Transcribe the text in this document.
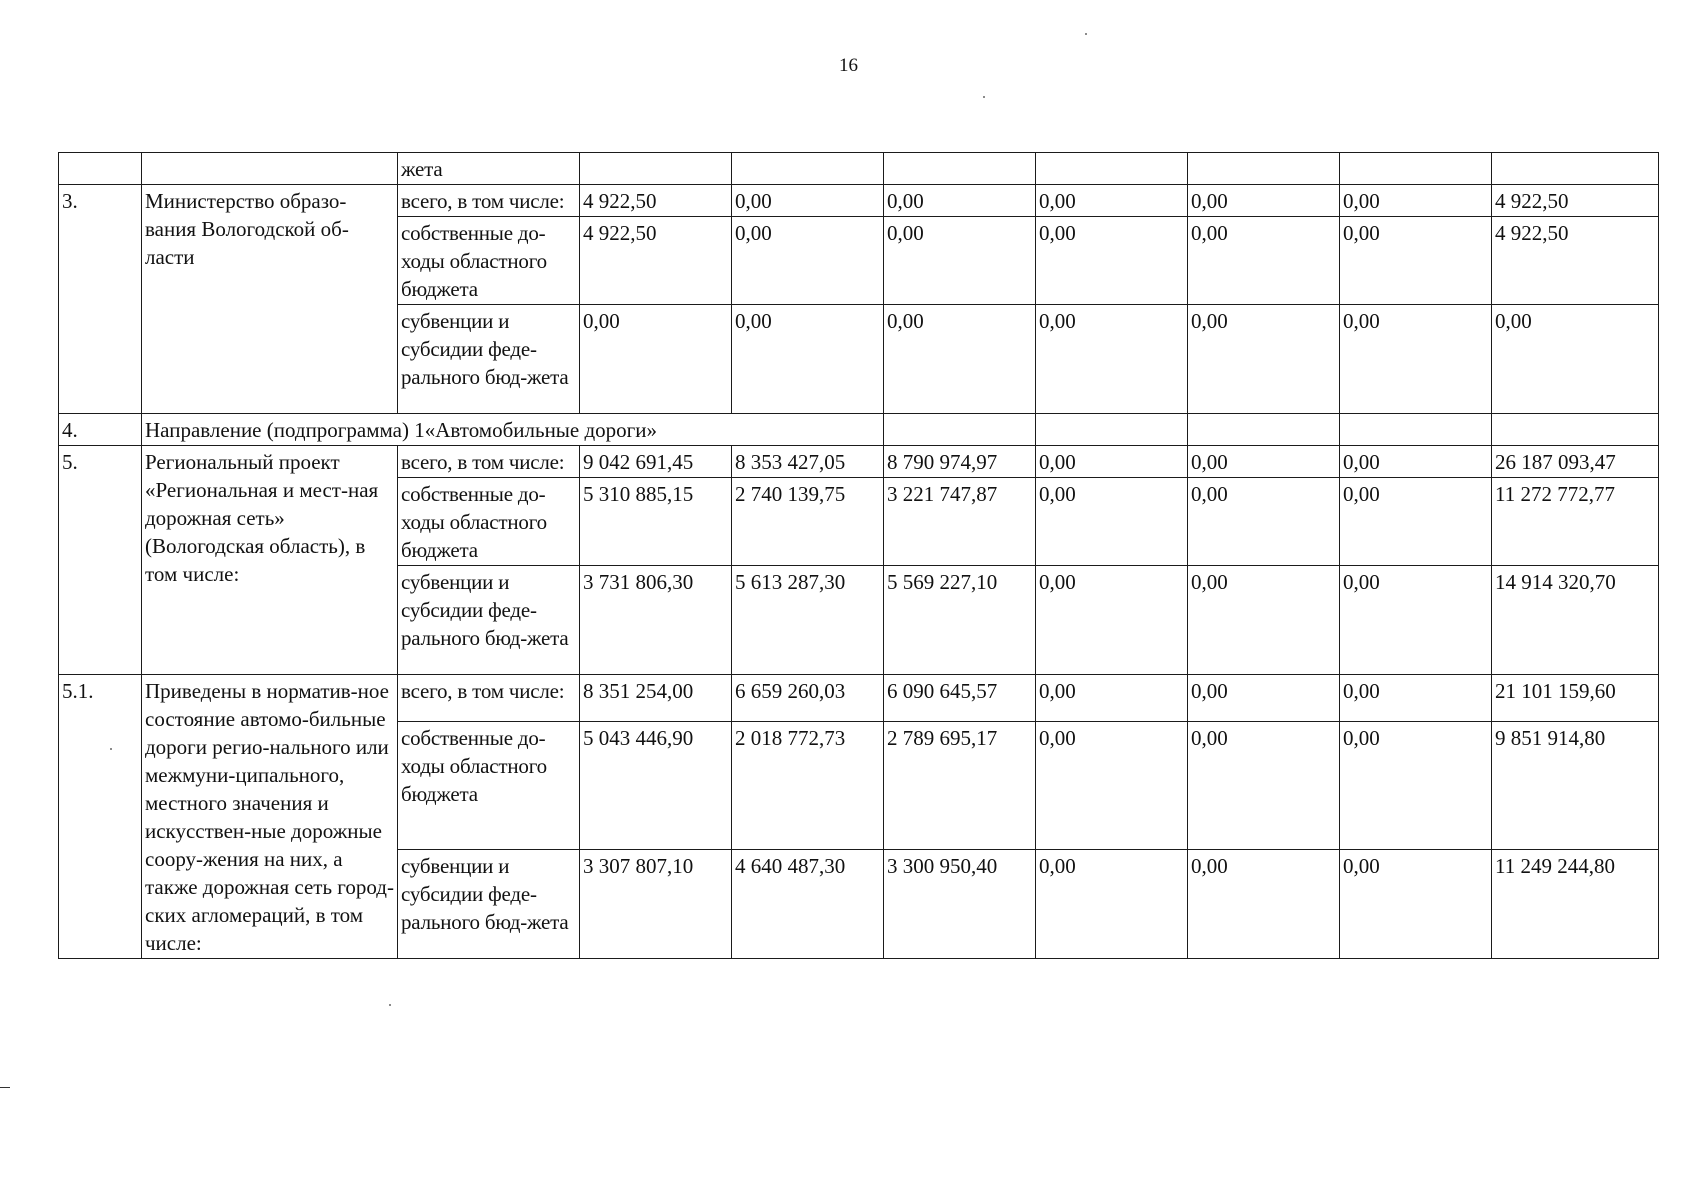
16
		жета							
3.	Министерство образо-вания Вологодской об-ласти	всего, в том числе:	4 922,50	0,00	0,00	0,00	0,00	0,00	4 922,50
		собственные до-ходы областного бюджета	4 922,50	0,00	0,00	0,00	0,00	0,00	4 922,50
		субвенции и субсидии феде-рального бюд-жета	0,00	0,00	0,00	0,00	0,00	0,00	0,00
4.	Направление (подпрограмма) 1«Автомобильные дороги»								
5.	Региональный проект «Региональная и мест-ная дорожная сеть» (Вологодская область), в том числе:	всего, в том числе:	9 042 691,45	8 353 427,05	8 790 974,97	0,00	0,00	0,00	26 187 093,47
		собственные до-ходы областного бюджета	5 310 885,15	2 740 139,75	3 221 747,87	0,00	0,00	0,00	11 272 772,77
		субвенции и субсидии феде-рального бюд-жета	3 731 806,30	5 613 287,30	5 569 227,10	0,00	0,00	0,00	14 914 320,70
5.1.	Приведены в норматив-ное состояние автомо-бильные дороги регио-нального или межмуни-ципального, местного значения и искусствен-ные дорожные соору-жения на них, а также дорожная сеть город-ских агломераций, в том числе:	всего, в том числе:	8 351 254,00	6 659 260,03	6 090 645,57	0,00	0,00	0,00	21 101 159,60
		собственные до-ходы областного бюджета	5 043 446,90	2 018 772,73	2 789 695,17	0,00	0,00	0,00	9 851 914,80
		субвенции и субсидии феде-рального бюд-жета	3 307 807,10	4 640 487,30	3 300 950,40	0,00	0,00	0,00	11 249 244,80
